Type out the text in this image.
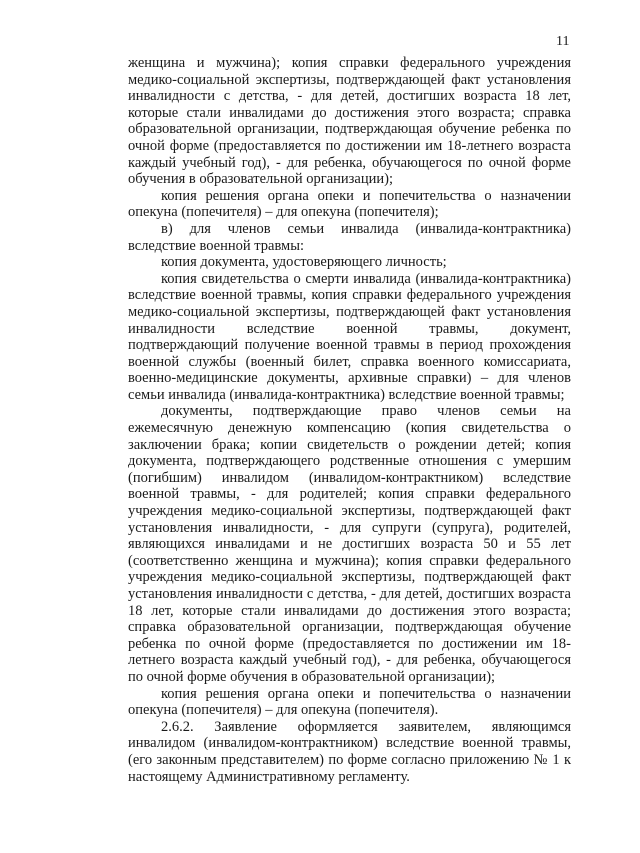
11

женщина и мужчина); копия справки федерального учреждения медико-социальной экспертизы, подтверждающей факт установления инвалидности с детства, - для детей, достигших возраста 18 лет, которые стали инвалидами до достижения этого возраста; справка образовательной организации, подтверждающая обучение ребенка по очной форме (предоставляется по достижении им 18-летнего возраста каждый учебный год), - для ребенка, обучающегося по очной форме обучения в образовательной организации);

копия решения органа опеки и попечительства о назначении опекуна (попечителя) – для опекуна (попечителя);

в) для членов семьи инвалида (инвалида-контрактника) вследствие военной травмы:

копия документа, удостоверяющего личность;

копия свидетельства о смерти инвалида (инвалида-контрактника) вследствие военной травмы, копия справки федерального учреждения медико-социальной экспертизы, подтверждающей факт установления инвалидности вследствие военной травмы, документ, подтверждающий получение военной травмы в период прохождения военной службы (военный билет, справка военного комиссариата, военно-медицинские документы, архивные справки) – для членов семьи инвалида (инвалида-контрактника) вследствие военной травмы;

документы, подтверждающие право членов семьи на ежемесячную денежную компенсацию (копия свидетельства о заключении брака; копии свидетельств о рождении детей; копия документа, подтверждающего родственные отношения с умершим (погибшим) инвалидом (инвалидом-контрактником) вследствие военной травмы, - для родителей; копия справки федерального учреждения медико-социальной экспертизы, подтверждающей факт установления инвалидности, - для супруги (супруга), родителей, являющихся инвалидами и не достигших возраста 50 и 55 лет (соответственно женщина и мужчина); копия справки федерального учреждения медико-социальной экспертизы, подтверждающей факт установления инвалидности с детства, - для детей, достигших возраста 18 лет, которые стали инвалидами до достижения этого возраста; справка образовательной организации, подтверждающая обучение ребенка по очной форме (предоставляется по достижении им 18-летнего возраста каждый учебный год), - для ребенка, обучающегося по очной форме обучения в образовательной организации);

копия решения органа опеки и попечительства о назначении опекуна (попечителя) – для опекуна (попечителя).

2.6.2. Заявление оформляется заявителем, являющимся инвалидом (инвалидом-контрактником) вследствие военной травмы, (его законным представителем) по форме согласно приложению № 1 к настоящему Административному регламенту.
